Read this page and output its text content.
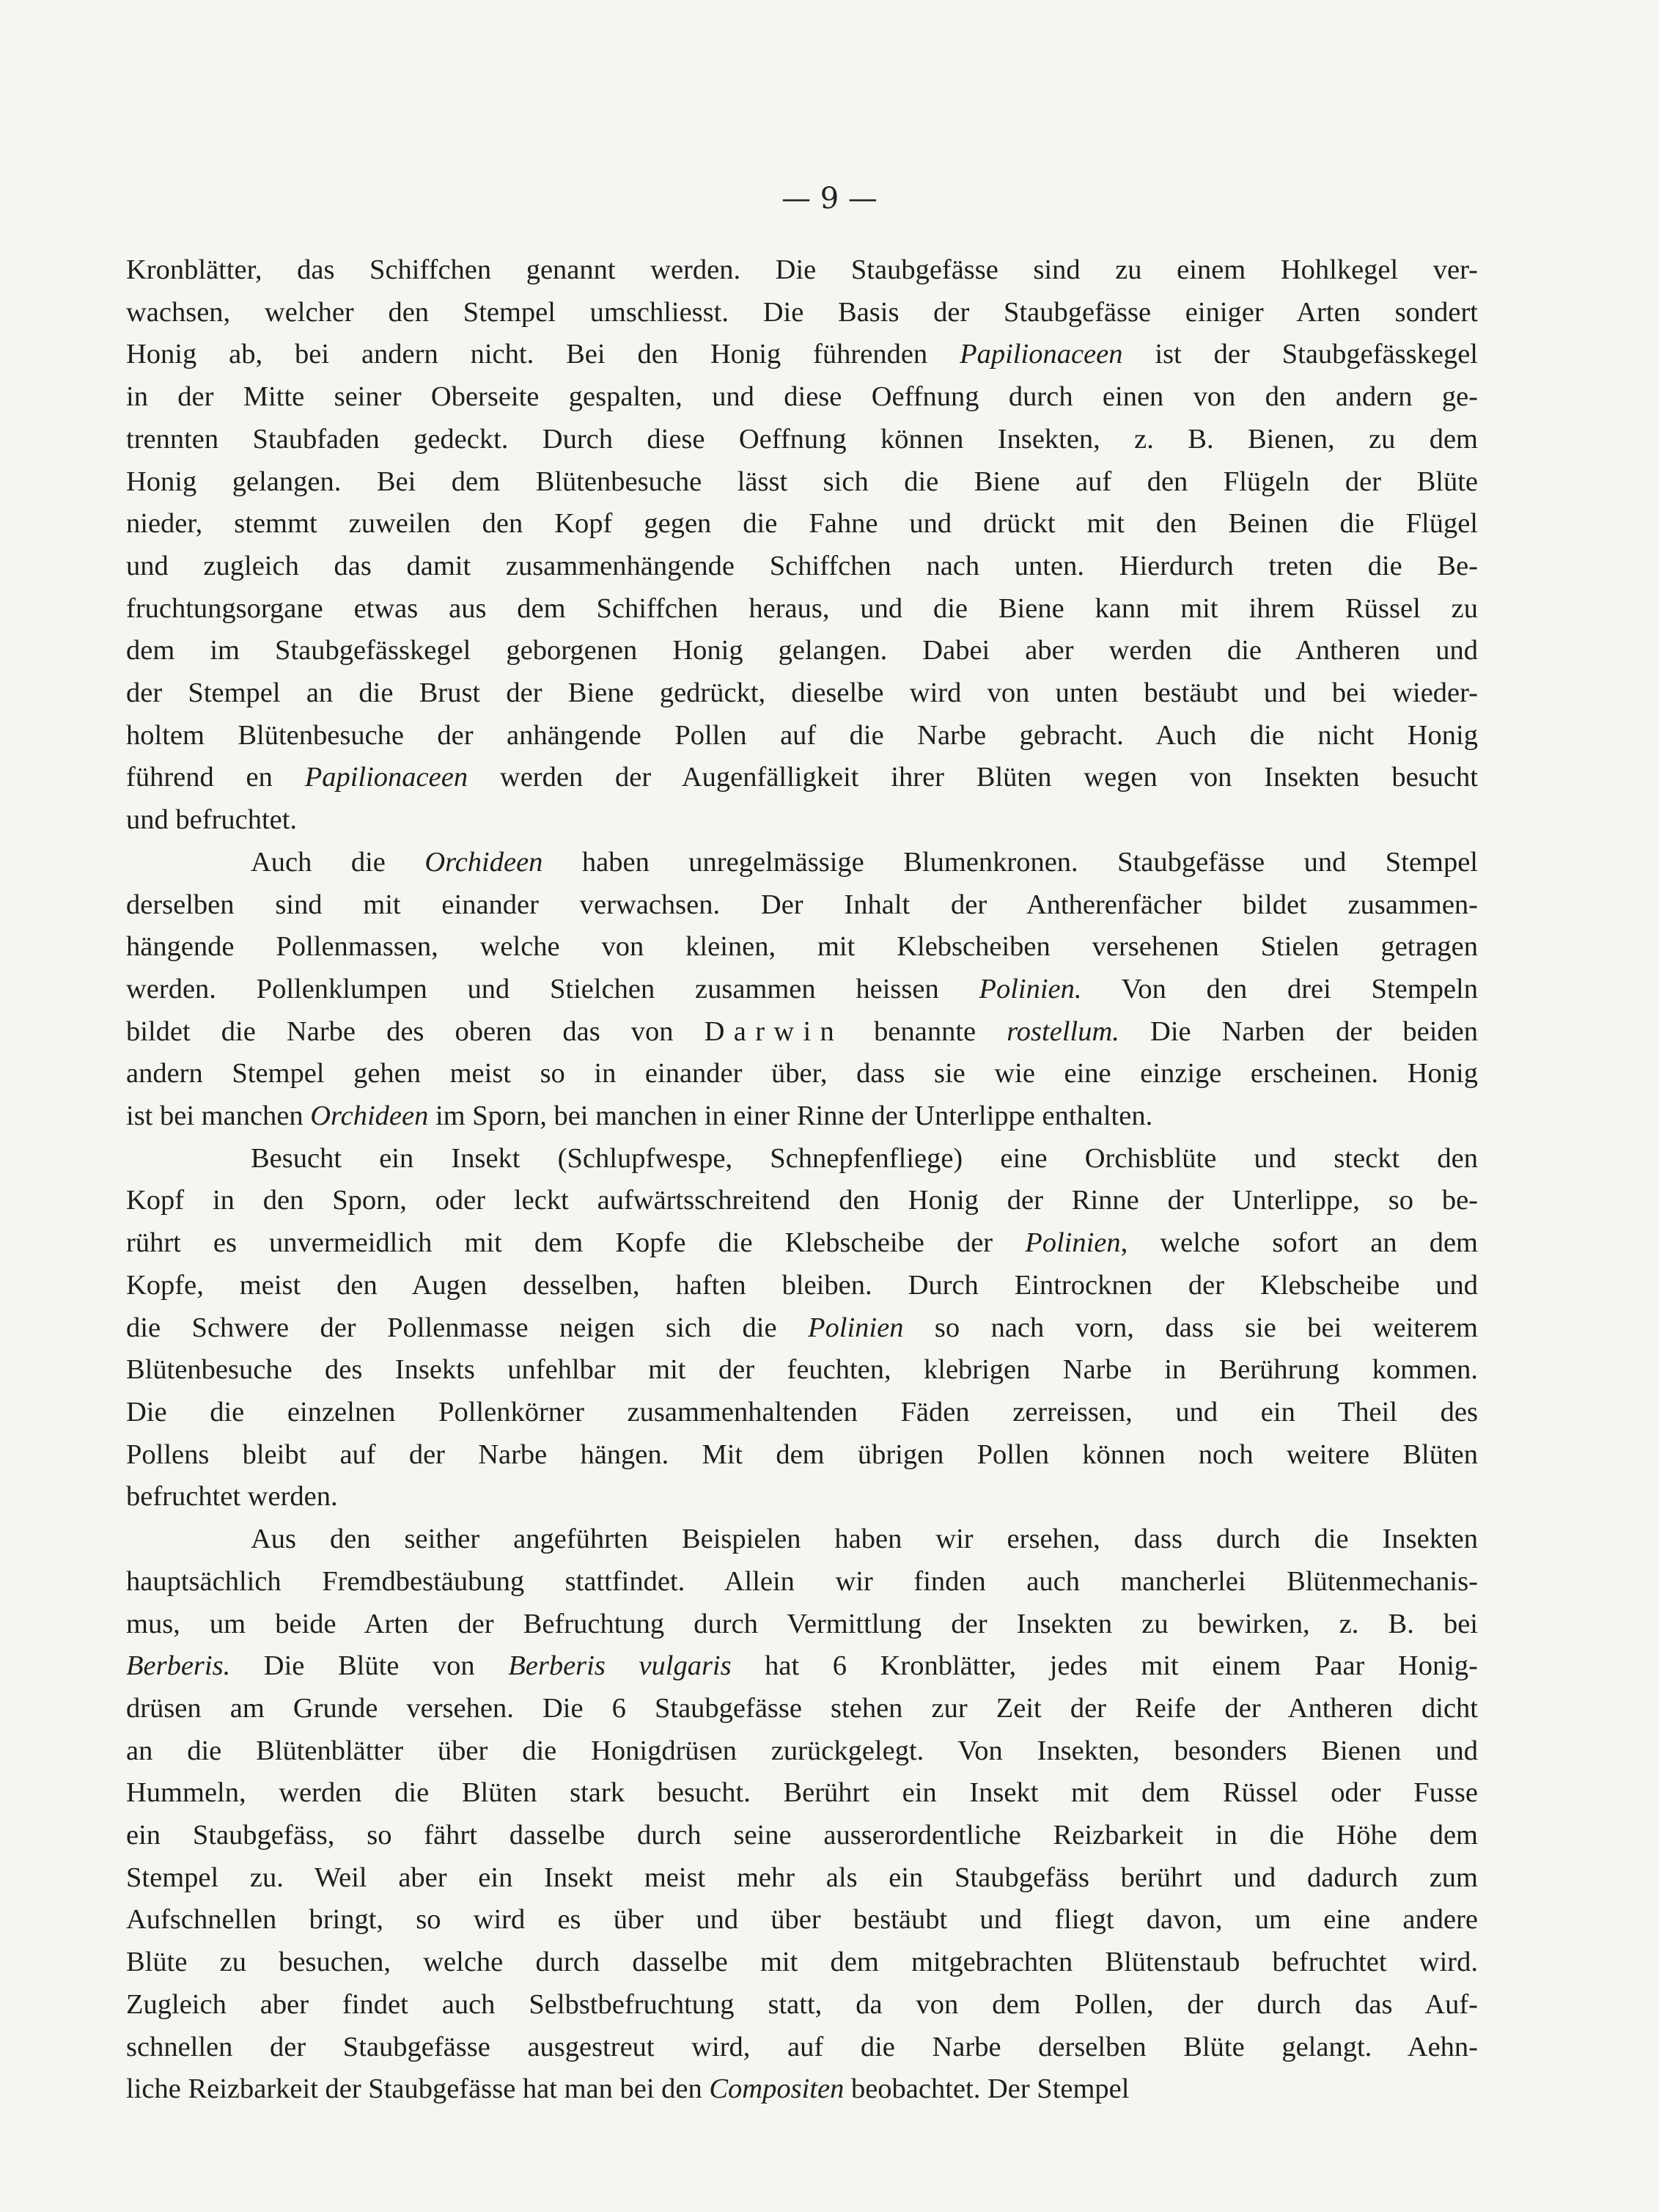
— 9 —
Kronblätter, das Schiffchen genannt werden. Die Staubgefässe sind zu einem Hohlkegel ver-
wachsen, welcher den Stempel umschliesst. Die Basis der Staubgefässe einiger Arten sondert
Honig ab, bei andern nicht. Bei den Honig führenden Papilionaceen ist der Staubgefässkegel
in der Mitte seiner Oberseite gespalten, und diese Oeffnung durch einen von den andern ge-
trennten Staubfaden gedeckt. Durch diese Oeffnung können Insekten, z. B. Bienen, zu dem
Honig gelangen. Bei dem Blütenbesuche lässt sich die Biene auf den Flügeln der Blüte
nieder, stemmt zuweilen den Kopf gegen die Fahne und drückt mit den Beinen die Flügel
und zugleich das damit zusammenhängende Schiffchen nach unten. Hierdurch treten die Be-
fruchtungsorgane etwas aus dem Schiffchen heraus, und die Biene kann mit ihrem Rüssel zu
dem im Staubgefässkegel geborgenen Honig gelangen. Dabei aber werden die Antheren und
der Stempel an die Brust der Biene gedrückt, dieselbe wird von unten bestäubt und bei wieder-
holtem Blütenbesuche der anhängende Pollen auf die Narbe gebracht. Auch die nicht Honig
führend en Papilionaceen werden der Augenfälligkeit ihrer Blüten wegen von Insekten besucht
und befruchtet.
Auch die Orchideen haben unregelmässige Blumenkronen. Staubgefässe und Stempel
derselben sind mit einander verwachsen. Der Inhalt der Antherenfächer bildet zusammen-
hängende Pollenmassen, welche von kleinen, mit Klebscheiben versehenen Stielen getragen
werden. Pollenklumpen und Stielchen zusammen heissen Polinien. Von den drei Stempeln
bildet die Narbe des oberen das von Darwin benannte rostellum. Die Narben der beiden
andern Stempel gehen meist so in einander über, dass sie wie eine einzige erscheinen. Honig
ist bei manchen Orchideen im Sporn, bei manchen in einer Rinne der Unterlippe enthalten.
Besucht ein Insekt (Schlupfwespe, Schnepfenfliege) eine Orchisblüte und steckt den
Kopf in den Sporn, oder leckt aufwärtsschreitend den Honig der Rinne der Unterlippe, so be-
rührt es unvermeidlich mit dem Kopfe die Klebscheibe der Polinien, welche sofort an dem
Kopfe, meist den Augen desselben, haften bleiben. Durch Eintrocknen der Klebscheibe und
die Schwere der Pollenmasse neigen sich die Polinien so nach vorn, dass sie bei weiterem
Blütenbesuche des Insekts unfehlbar mit der feuchten, klebrigen Narbe in Berührung kommen.
Die die einzelnen Pollenkörner zusammenhaltenden Fäden zerreissen, und ein Theil des
Pollens bleibt auf der Narbe hängen. Mit dem übrigen Pollen können noch weitere Blüten
befruchtet werden.
Aus den seither angeführten Beispielen haben wir ersehen, dass durch die Insekten
hauptsächlich Fremdbestäubung stattfindet. Allein wir finden auch mancherlei Blütenmechanis-
mus, um beide Arten der Befruchtung durch Vermittlung der Insekten zu bewirken, z. B. bei
Berberis. Die Blüte von Berberis vulgaris hat 6 Kronblätter, jedes mit einem Paar Honig-
drüsen am Grunde versehen. Die 6 Staubgefässe stehen zur Zeit der Reife der Antheren dicht
an die Blütenblätter über die Honigdrüsen zurückgelegt. Von Insekten, besonders Bienen und
Hummeln, werden die Blüten stark besucht. Berührt ein Insekt mit dem Rüssel oder Fusse
ein Staubgefäss, so fährt dasselbe durch seine ausserordentliche Reizbarkeit in die Höhe dem
Stempel zu. Weil aber ein Insekt meist mehr als ein Staubgefäss berührt und dadurch zum
Aufschnellen bringt, so wird es über und über bestäubt und fliegt davon, um eine andere
Blüte zu besuchen, welche durch dasselbe mit dem mitgebrachten Blütenstaub befruchtet wird.
Zugleich aber findet auch Selbstbefruchtung statt, da von dem Pollen, der durch das Auf-
schnellen der Staubgefässe ausgestreut wird, auf die Narbe derselben Blüte gelangt. Aehn-
liche Reizbarkeit der Staubgefässe hat man bei den Compositen beobachtet. Der Stempel
